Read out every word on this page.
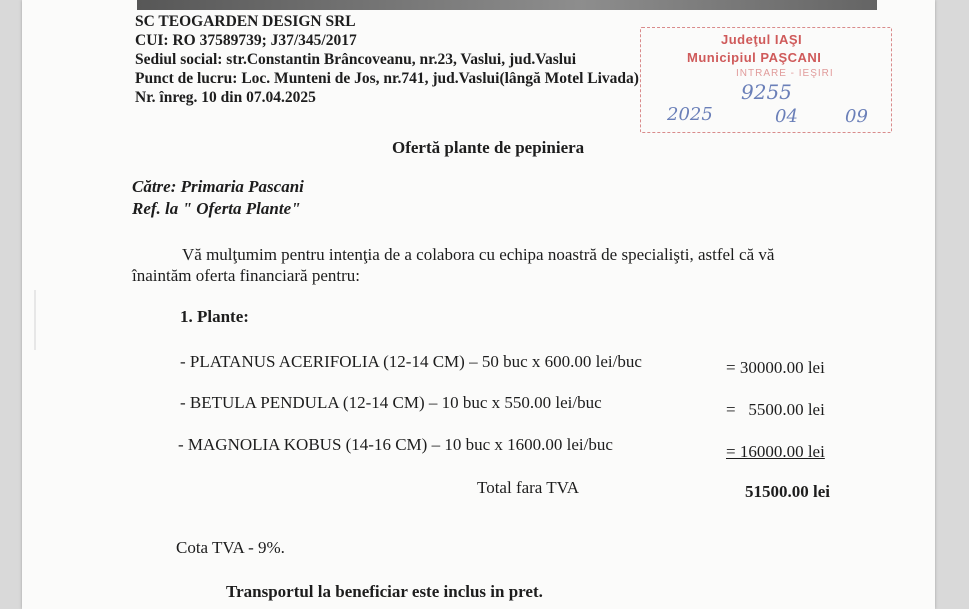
SC TEOGARDEN DESIGN SRL
CUI: RO 37589739; J37/345/2017
Sediul social: str.Constantin Brâncoveanu, nr.23, Vaslui, jud.Vaslui
Punct de lucru: Loc. Munteni de Jos, nr.741, jud.Vaslui(lângă Motel Livada)
Nr. înreg. 10 din 07.04.2025
Judeţul IAŞI
Municipiul PAŞCANI
INTRARE - IEŞIRI
9255
2025	04	09
Ofertă plante de pepiniera
Către: Primaria Pascani
Ref. la " Oferta Plante"
Vă mulţumim pentru intenţia de a colabora cu echipa noastră de specialişti, astfel că vă
înaintăm oferta financiară pentru:
1. Plante:
- PLATANUS ACERIFOLIA (12-14 CM) – 50 buc x 600.00 lei/buc	= 30000.00 lei
- BETULA PENDULA (12-14 CM) – 10 buc x 550.00 lei/buc	=   5500.00 lei
- MAGNOLIA KOBUS (14-16 CM) – 10 buc x 1600.00 lei/buc	= 16000.00 lei
Total fara TVA	51500.00 lei
Cota TVA - 9%.
Transportul la beneficiar este inclus in pret.
